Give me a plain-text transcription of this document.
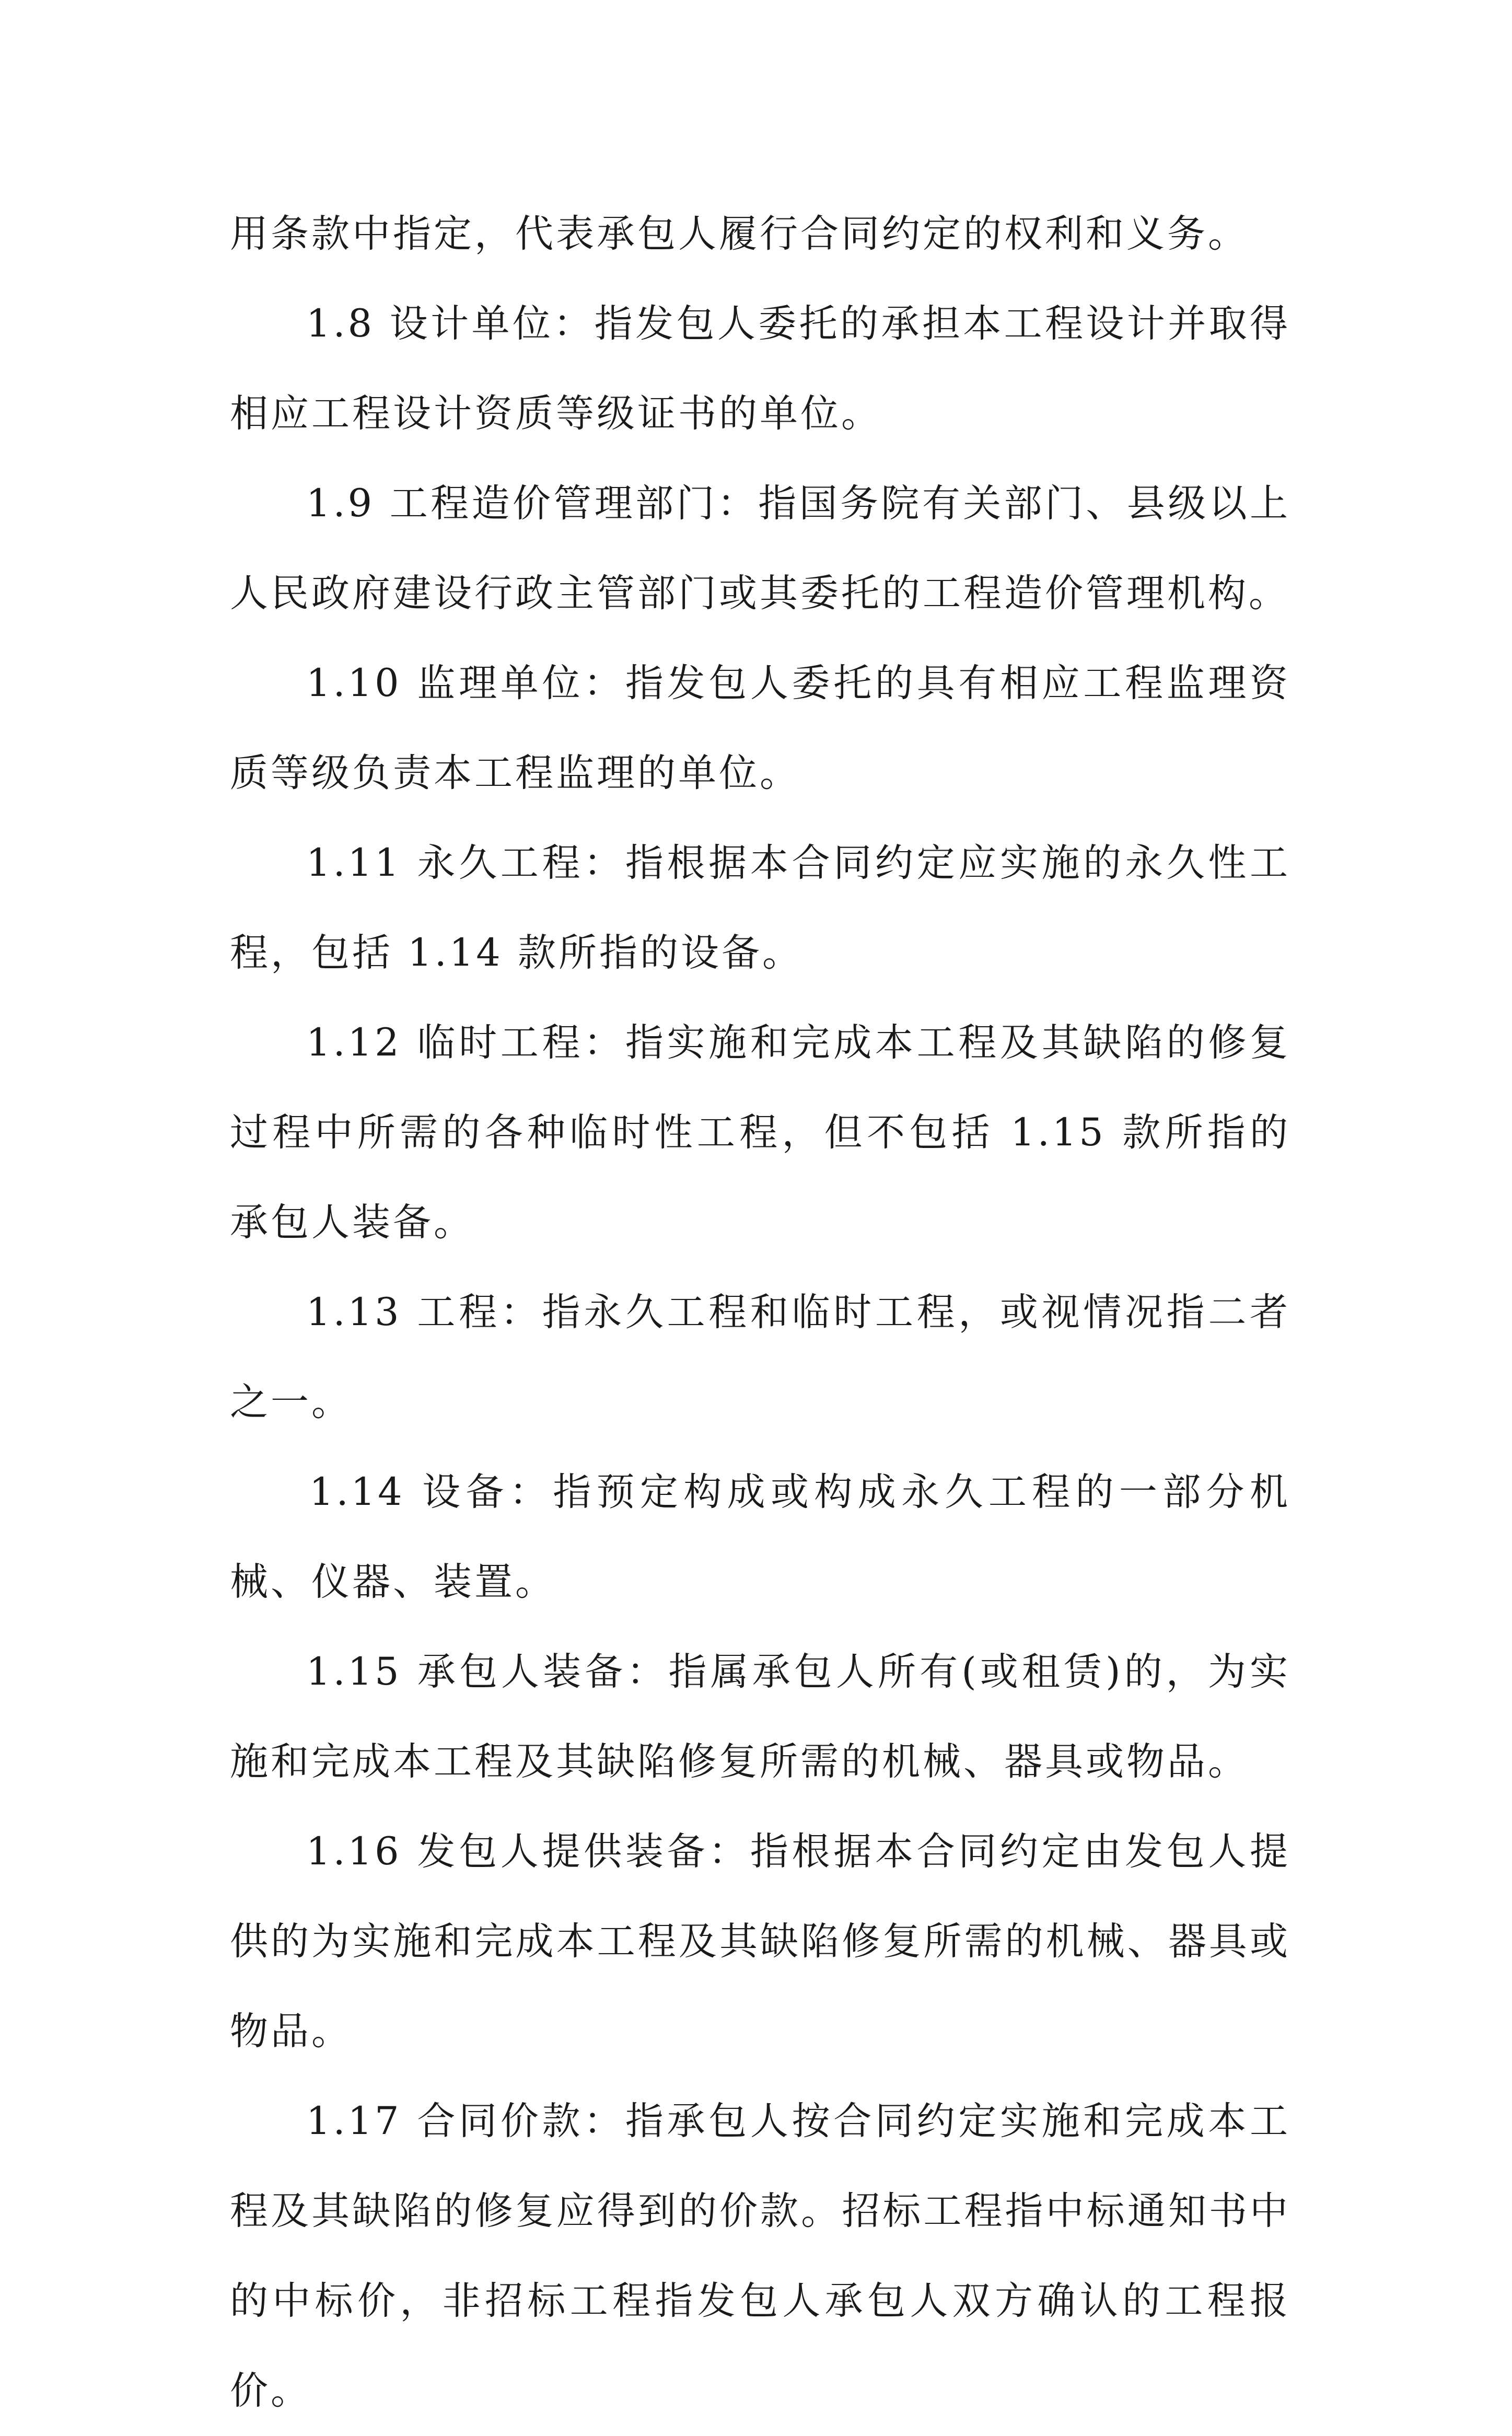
用条款中指定，代表承包人履行合同约定的权利和义务。

1.8 设计单位：指发包人委托的承担本工程设计并取得相应工程设计资质等级证书的单位。

1.9 工程造价管理部门：指国务院有关部门、县级以上人民政府建设行政主管部门或其委托的工程造价管理机构。

1.10 监理单位：指发包人委托的具有相应工程监理资质等级负责本工程监理的单位。

1.11 永久工程：指根据本合同约定应实施的永久性工程，包括 1.14 款所指的设备。

1.12 临时工程：指实施和完成本工程及其缺陷的修复过程中所需的各种临时性工程，但不包括 1.15 款所指的承包人装备。

1.13 工程：指永久工程和临时工程，或视情况指二者之一。

1.14 设备：指预定构成或构成永久工程的一部分机械、仪器、装置。

1.15 承包人装备：指属承包人所有(或租赁)的，为实施和完成本工程及其缺陷修复所需的机械、器具或物品。

1.16 发包人提供装备：指根据本合同约定由发包人提供的为实施和完成本工程及其缺陷修复所需的机械、器具或物品。

1.17 合同价款：指承包人按合同约定实施和完成本工程及其缺陷的修复应得到的价款。招标工程指中标通知书中的中标价，非招标工程指发包人承包人双方确认的工程报价。
